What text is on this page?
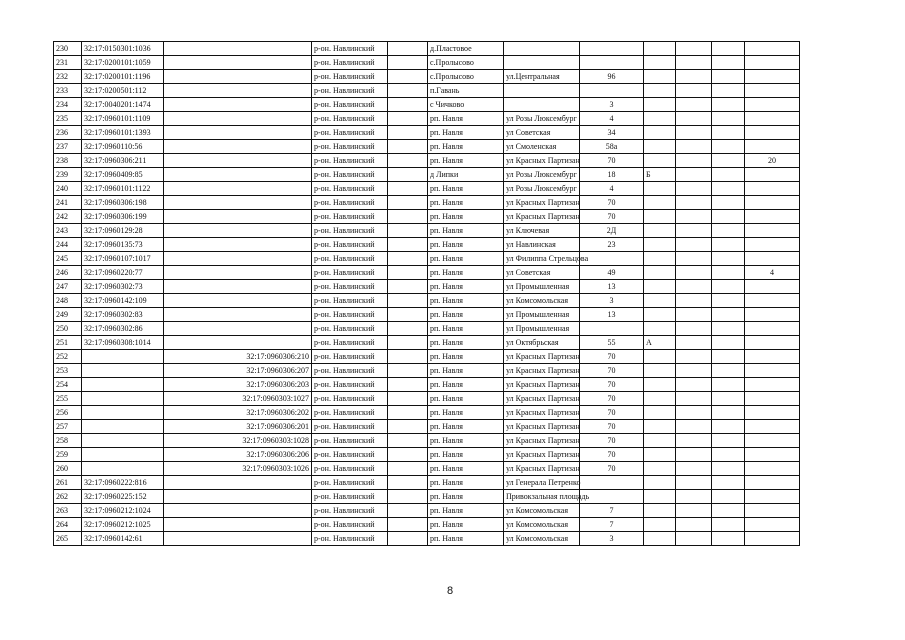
230	32:17:0150301:1036		р-он. Навлинский		д.Пластовое						
231	32:17:0200101:1059		р-он. Навлинский		с.Пролысово						
232	32:17:0200101:1196		р-он. Навлинский		с.Пролысово	ул.Центральная	96				
233	32:17:0200501:112		р-он. Навлинский		п.Гавань						
234	32:17:0040201:1474		р-он. Навлинский		с Чичково		3				
235	32:17:0960101:1109		р-он. Навлинский		рп. Навля	ул Розы Люксембург	4				
236	32:17:0960101:1393		р-он. Навлинский		рп. Навля	ул Советская	34				
237	32:17:0960110:56		р-он. Навлинский		рп. Навля	ул Смоленская	58а				
238	32:17:0960306:211		р-он. Навлинский		рп. Навля	ул Красных Партизан	70				20
239	32:17:0960409:85		р-он. Навлинский		д Липки	ул Розы Люксембург	18	Б			
240	32:17:0960101:1122		р-он. Навлинский		рп. Навля	ул Розы Люксембург	4				
241	32:17:0960306:198		р-он. Навлинский		рп. Навля	ул Красных Партизан	70				
242	32:17:0960306:199		р-он. Навлинский		рп. Навля	ул Красных Партизан	70				
243	32:17:0960129:28		р-он. Навлинский		рп. Навля	ул Ключевая	2Д				
244	32:17:0960135:73		р-он. Навлинский		рп. Навля	ул Навлинская	23				
245	32:17:0960107:1017		р-он. Навлинский		рп. Навля	ул Филиппа Стрельцова					
246	32:17:0960220:77		р-он. Навлинский		рп. Навля	ул Советская	49				4
247	32:17:0960302:73		р-он. Навлинский		рп. Навля	ул Промышленная	13				
248	32:17:0960142:109		р-он. Навлинский		рп. Навля	ул Комсомольская	3				
249	32:17:0960302:83		р-он. Навлинский		рп. Навля	ул Промышленная	13				
250	32:17:0960302:86		р-он. Навлинский		рп. Навля	ул Промышленная					
251	32:17:0960308:1014		р-он. Навлинский		рп. Навля	ул Октябрьская	55	А			
252		32:17:0960306:210	р-он. Навлинский		рп. Навля	ул Красных Партизан	70				
253		32:17:0960306:207	р-он. Навлинский		рп. Навля	ул Красных Партизан	70				
254		32:17:0960306:203	р-он. Навлинский		рп. Навля	ул Красных Партизан	70				
255		32:17:0960303:1027	р-он. Навлинский		рп. Навля	ул Красных Партизан	70				
256		32:17:0960306:202	р-он. Навлинский		рп. Навля	ул Красных Партизан	70				
257		32:17:0960306:201	р-он. Навлинский		рп. Навля	ул Красных Партизан	70				
258		32:17:0960303:1028	р-он. Навлинский		рп. Навля	ул Красных Партизан	70				
259		32:17:0960306:206	р-он. Навлинский		рп. Навля	ул Красных Партизан	70				
260		32:17:0960303:1026	р-он. Навлинский		рп. Навля	ул Красных Партизан	70				
261	32:17:0960222:816		р-он. Навлинский		рп. Навля	ул Генерала Петренко					
262	32:17:0960225:152		р-он. Навлинский		рп. Навля	Привокзальная площадь					
263	32:17:0960212:1024		р-он. Навлинский		рп. Навля	ул Комсомольская	7				
264	32:17:0960212:1025		р-он. Навлинский		рп. Навля	ул Комсомольская	7				
265	32:17:0960142:61		р-он. Навлинский		рп. Навля	ул Комсомольская	3				
8
